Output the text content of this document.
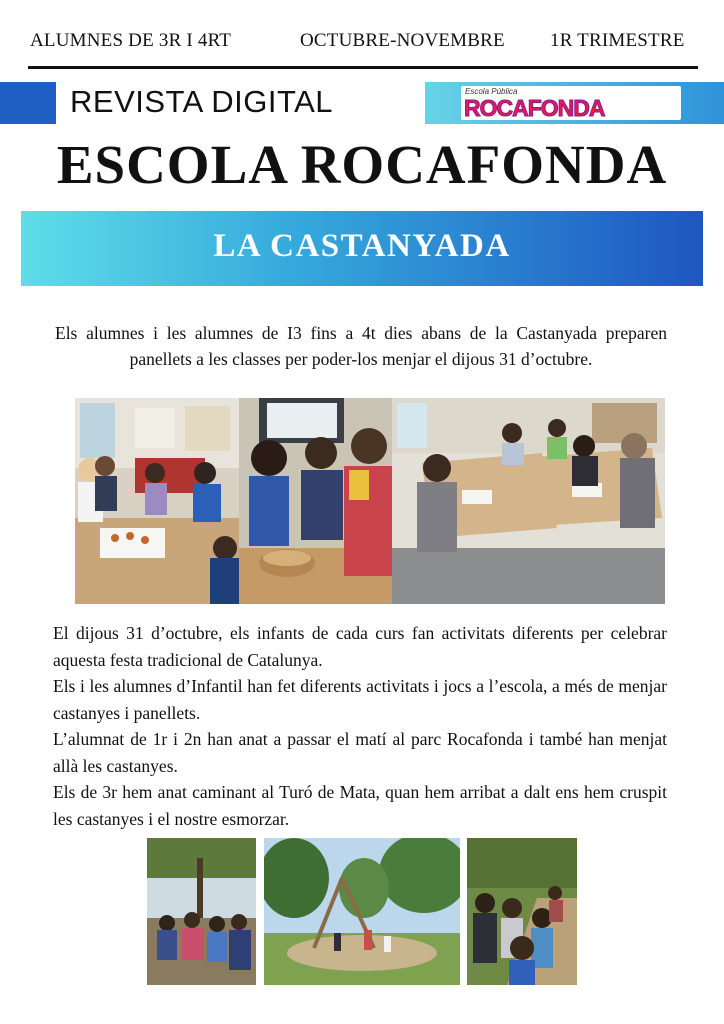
ALUMNES DE 3R I 4RT	OCTUBRE-NOVEMBRE 1R TRIMESTRE
REVISTA DIGITAL	Escola Pública
ROCAFONDA
ESCOLA ROCAFONDA
LA CASTANYADA
Els alumnes i les alumnes de I3 fins a 4t dies abans de la Castanyada preparen panellets a les classes per poder-los menjar el dijous 31 d’octubre.

El dijous 31 d’octubre, els infants de cada curs fan activitats diferents per celebrar aquesta festa tradicional de Catalunya.

Els i les alumnes d’Infantil han fet diferents activitats i jocs a l’escola, a més de menjar castanyes i panellets.

L’alumnat de 1r i 2n han anat a passar el matí al parc Rocafonda i també han menjat allà les castanyes.

Els de 3r hem anat caminant al Turó de Mata, quan hem arribat a dalt ens hem cruspit les castanyes i el nostre esmorzar.
